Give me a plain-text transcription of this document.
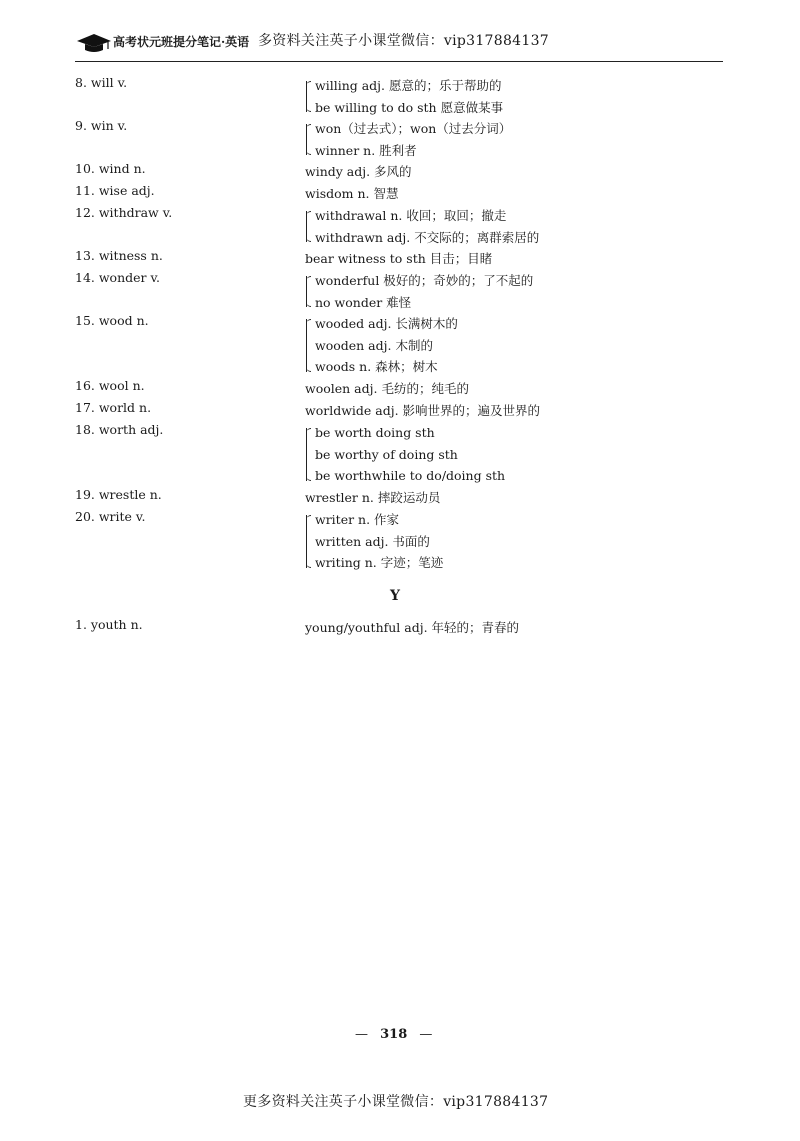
高考状元班提分笔记·英语 多资料关注英子小课堂微信：vip317884137
8. will v.	willing adj. 愿意的；乐于帮助的
be willing to do sth 愿意做某事
9. win v.	won（过去式）；won（过去分词）
winner n. 胜利者
10. wind n.	windy adj. 多风的
11. wise adj.	wisdom n. 智慧
12. withdraw v.	withdrawal n. 收回；取回；撤走
withdrawn adj. 不交际的；离群索居的
13. witness n.	bear witness to sth 目击；目睹
14. wonder v.	wonderful 极好的；奇妙的；了不起的
no wonder 难怪
15. wood n.	wooded adj. 长满树木的
wooden adj. 木制的
woods n. 森林；树木
16. wool n.	woolen adj. 毛纺的；纯毛的
17. world n.	worldwide adj. 影响世界的；遍及世界的
18. worth adj.	be worth doing sth
be worthy of doing sth
be worthwhile to do/doing sth
19. wrestle n.	wrestler n. 摔跤运动员
20. write v.	writer n. 作家
written adj. 书面的
writing n. 字迹；笔迹
1. youth n.	young/youthful adj. 年轻的；青春的
Y
— 318 —
更多资料关注英子小课堂微信：vip317884137
